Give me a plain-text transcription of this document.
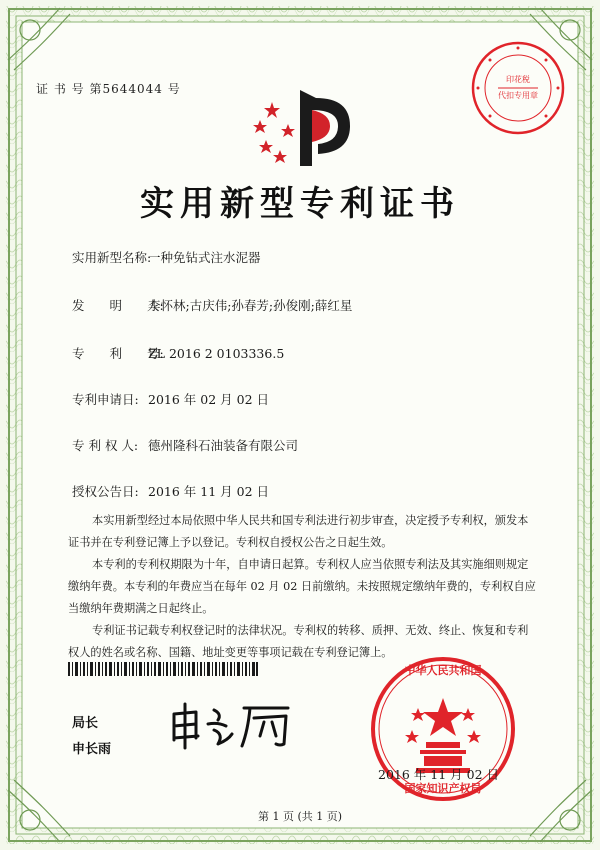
证 书 号 第5644044 号
印花税
代扣专用章
实用新型专利证书
实用新型名称:一种免钻式注水泥器
发　　明　　人:李怀林;古庆伟;孙春芳;孙俊刚;薛红星
专　　利　　号:ZL 2016 2 0103336.5
专利申请日: 2016 年 02 月 02 日
专 利 权 人: 德州隆科石油装备有限公司
授权公告日: 2016 年 11 月 02 日
本实用新型经过本局依照中华人民共和国专利法进行初步审查，决定授予专利权，颁发本证书并在专利登记簿上予以登记。专利权自授权公告之日起生效。
本专利的专利权期限为十年，自申请日起算。专利权人应当依照专利法及其实施细则规定缴纳年费。本专利的年费应当在每年 02 月 02 日前缴纳。未按照规定缴纳年费的，专利权自应当缴纳年费期满之日起终止。
专利证书记载专利权登记时的法律状况。专利权的转移、质押、无效、终止、恢复和专利权人的姓名或名称、国籍、地址变更等事项记载在专利登记簿上。
局长
申长雨
中华人民共和国
国家知识产权局
2016 年 11 月 02 日
第 1 页 (共 1 页)
